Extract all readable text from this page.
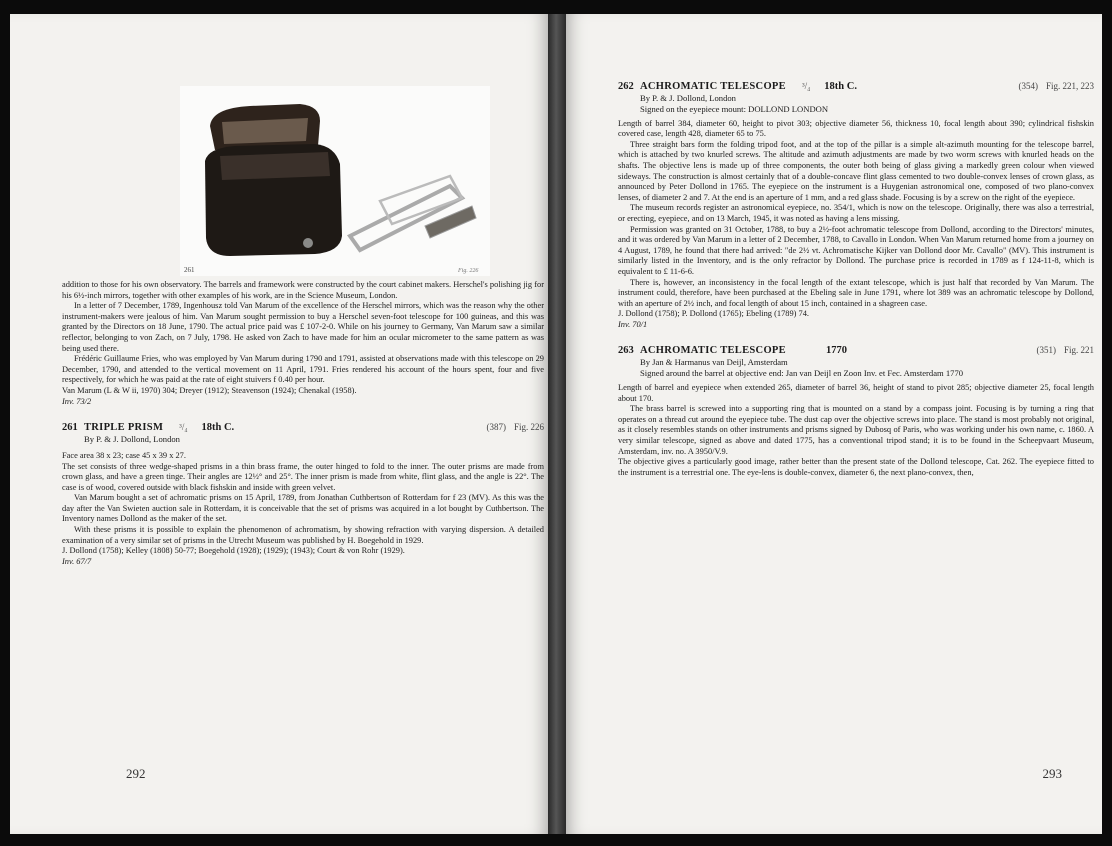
261	Fig. 226

addition to those for his own observatory. The barrels and framework were constructed by the court cabinet makers. Herschel's polishing jig for his 6½-inch mirrors, together with other examples of his work, are in the Science Museum, London.

In a letter of 7 December, 1789, Ingenhousz told Van Marum of the excellence of the Herschel mirrors, which was the reason why the other instrument-makers were jealous of him. Van Marum sought permission to buy a Herschel seven-foot telescope for 100 guineas, and this was granted by the Directors on 18 June, 1790. The actual price paid was £ 107-2-0. While on his journey to Germany, Van Marum saw a similar reflector, belonging to von Zach, on 7 July, 1798. He asked von Zach to have made for him an ocular micrometer to the same pattern as was being used there.

Frédéric Guillaume Fries, who was employed by Van Marum during 1790 and 1791, assisted at observations made with this telescope on 29 December, 1790, and attended to the vertical movement on 11 April, 1791. Fries rendered his account of the hours spent, four and five respectively, for which he was paid at the rate of eight stuivers f 0.40 per hour.

Van Marum (L & W ii, 1970) 304; Dreyer (1912); Steavenson (1924); Chenakal (1958).

Inv. 73/2

261 TRIPLE PRISM ³/₄ 18th C.	(387) Fig. 226
By P. & J. Dollond, London

Face area 38 x 23; case 45 x 39 x 27.

The set consists of three wedge-shaped prisms in a thin brass frame, the outer hinged to fold to the inner. The outer prisms are made from crown glass, and have a green tinge. Their angles are 12½° and 25°. The inner prism is made from white, flint glass, and the angle is 22°. The case is of wood, covered outside with black fishskin and inside with green velvet.

Van Marum bought a set of achromatic prisms on 15 April, 1789, from Jonathan Cuthbertson of Rotterdam for f 23 (MV). As this was the day after the Van Swieten auction sale in Rotterdam, it is conceivable that the set of prisms was acquired in a lot bought by Cuthbertson. The Inventory names Dollond as the maker of the set.

With these prisms it is possible to explain the phenomenon of achromatism, by showing refraction with varying dispersion. A detailed examination of a very similar set of prisms in the Utrecht Museum was published by H. Boegehold in 1929.

J. Dollond (1758); Kelley (1808) 50-77; Boegehold (1928); (1929); (1943); Court & von Rohr (1929).

Inv. 67/7

292
262 ACHROMATIC TELESCOPE ³/₄ 18th C.	(354) Fig. 221, 223
By P. & J. Dollond, London
Signed on the eyepiece mount: DOLLOND LONDON

Length of barrel 384, diameter 60, height to pivot 303; objective diameter 56, thickness 10, focal length about 390; cylindrical fishskin covered case, length 428, diameter 65 to 75.

Three straight bars form the folding tripod foot, and at the top of the pillar is a simple alt-azimuth mounting for the telescope barrel, which is attached by two knurled screws. The altitude and azimuth adjustments are made by two worm screws with knurled heads on the shafts. The objective lens is made up of three components, the outer both being of glass giving a markedly green colour when viewed sideways. The construction is almost certainly that of a double-concave flint glass cemented to two double-convex lenses of crown glass, as announced by Peter Dollond in 1765. The eyepiece on the instrument is a Huygenian astronomical one, composed of two plano-convex lenses, of diameter 2 and 7. At the end is an aperture of 1 mm, and a red glass shade. Focusing is by a screw on the right of the eyepiece.

The museum records register an astronomical eyepiece, no. 354/1, which is now on the telescope. Originally, there was also a terrestrial, or erecting, eyepiece, and on 13 March, 1945, it was noted as having a lens missing.

Permission was granted on 31 October, 1788, to buy a 2½-foot achromatic telescope from Dollond, according to the Directors' minutes, and it was ordered by Van Marum in a letter of 2 December, 1788, to Cavallo in London. When Van Marum returned home from a journey on 4 August, 1789, he found that there had arrived: "de 2½ vt. Achromatische Kijker van Dollond door Mr. Cavallo" (MV). This instrument is similarly listed in the Inventory, and is the only refractor by Dollond. The purchase price is recorded in 1789 as f 124-11-8, which is equivalent to £ 11-6-6.

There is, however, an inconsistency in the focal length of the extant telescope, which is just half that recorded by Van Marum. The instrument could, therefore, have been purchased at the Ebeling sale in June 1791, where lot 389 was an achromatic telescope by Dollond, with an aperture of 2½ inch, and focal length of about 15 inch, contained in a shagreen case.

J. Dollond (1758); P. Dollond (1765); Ebeling (1789) 74.

Inv. 70/1

263 ACHROMATIC TELESCOPE	1770	(351) Fig. 221
By Jan & Harmanus van Deijl, Amsterdam
Signed around the barrel at objective end: Jan van Deijl en Zoon Inv. et Fec. Amsterdam 1770

Length of barrel and eyepiece when extended 265, diameter of barrel 36, height of stand to pivot 285; objective diameter 25, focal length about 170.

The brass barrel is screwed into a supporting ring that is mounted on a stand by a compass joint. Focusing is by turning a ring that operates on a thread cut around the eyepiece tube. The dust cap over the objective screws into place. The stand is most probably not original, as it closely resembles stands on other instruments and prisms signed by Dubosq of Paris, who was working under his own name, c. 1860. A very similar telescope, signed as above and dated 1775, has a conventional tripod stand; it is to be found in the Scheepvaart Museum, Amsterdam, inv. no. A 3950/V.9.

The objective gives a particularly good image, rather better than the present state of the Dollond telescope, Cat. 262. The eyepiece fitted to the instrument is a terrestrial one. The eye-lens is double-convex, diameter 6, the next plano-convex, then,

293
